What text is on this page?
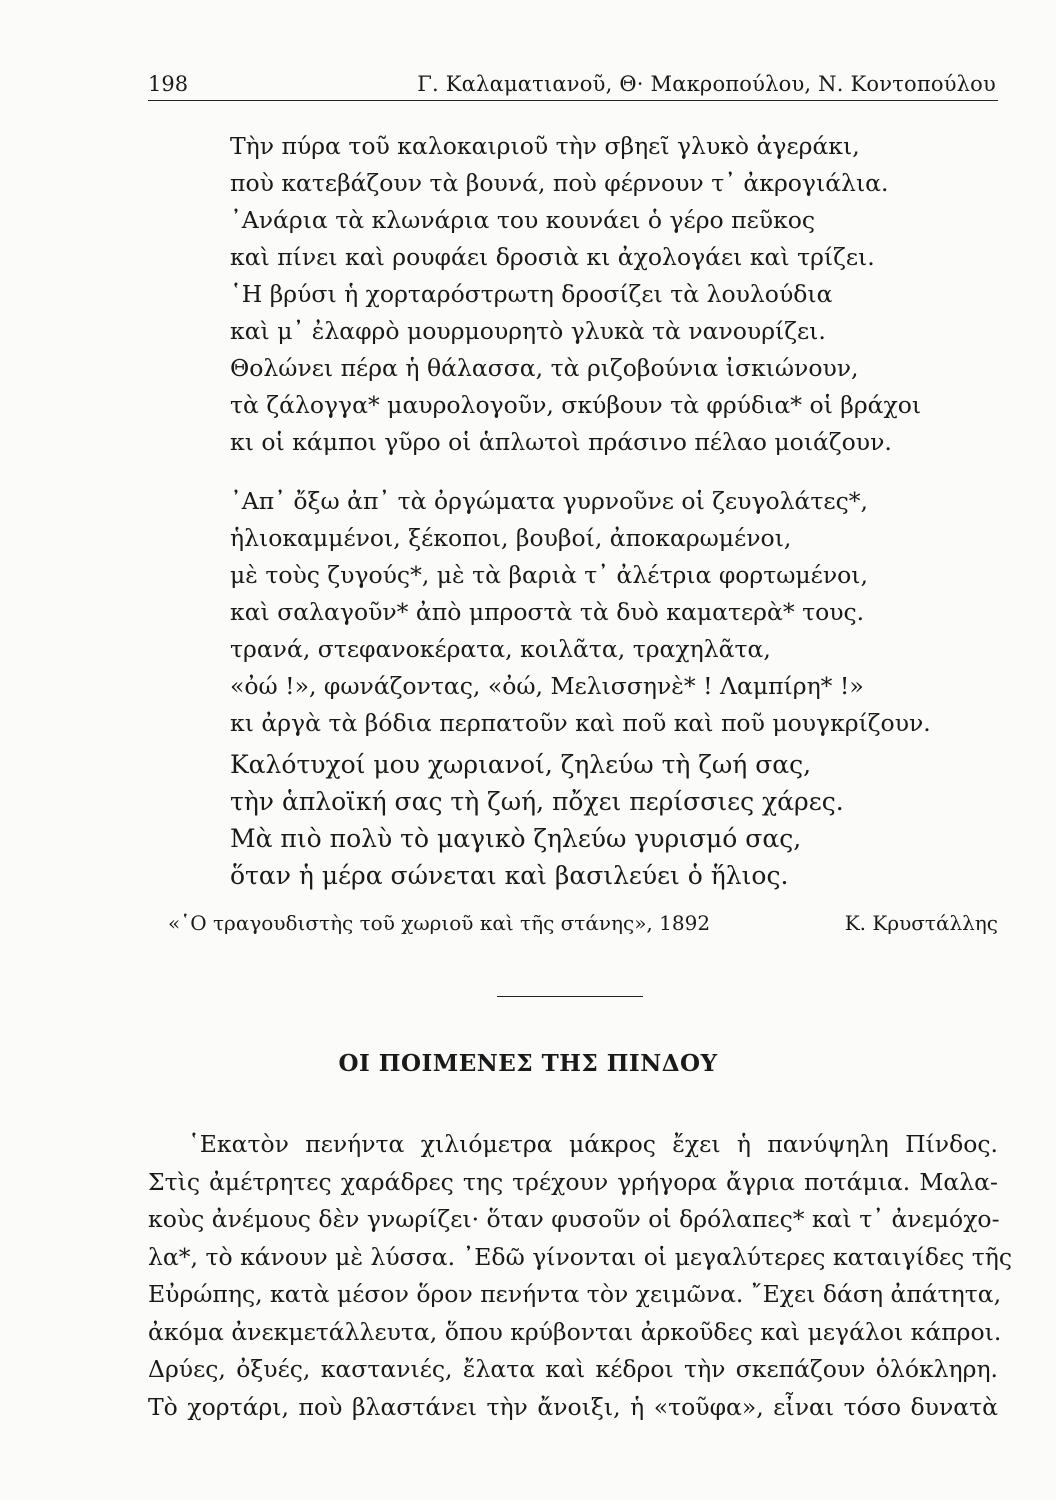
198	Γ. Καλαματιανοῦ, Θ· Μακροπούλου, Ν. Κοντοπούλου
Τὴν πύρα τοῦ καλοκαιριοῦ τὴν σβηεῖ γλυκὸ ἀγεράκι,
ποὺ κατεβάζουν τὰ βουνά, ποὺ φέρνουν τ᾽ ἀκρογιάλια.
᾽Ανάρια τὰ κλωνάρια του κουνάει ὁ γέρο πεῦκος
καὶ πίνει καὶ ρουφάει δροσιὰ κι ἀχολογάει καὶ τρίζει.
῾Η βρύσι ἡ χορταρόστρωτη δροσίζει τὰ λουλούδια
καὶ μ᾽ ἐλαφρὸ μουρμουρητὸ γλυκὰ τὰ νανουρίζει.
Θολώνει πέρα ἡ θάλασσα, τὰ ριζοβούνια ἰσκιώνουν,
τὰ ζάλογγα* μαυρολογοῦν, σκύβουν τὰ φρύδια* οἱ βράχοι
κι οἱ κάμποι γῦρο οἱ ἁπλωτοὶ πράσινο πέλαο μοιάζουν.
᾽Απ᾽ ὄξω ἀπ᾽ τὰ ὀργώματα γυρνοῦνε οἱ ζευγολάτες*,
ἡλιοκαμμένοι, ξέκοποι, βουβοί, ἀποκαρωμένοι,
μὲ τοὺς ζυγούς*, μὲ τὰ βαριὰ τ᾽ ἀλέτρια φορτωμένοι,
καὶ σαλαγοῦν* ἀπὸ μπροστὰ τὰ δυὸ καματερὰ* τους.
τρανά, στεφανοκέρατα, κοιλᾶτα, τραχηλᾶτα,
«ὀώ !», φωνάζοντας, «ὀώ, Μελισσηνὲ* ! Λαμπίρη* !»
κι ἀργὰ τὰ βόδια περπατοῦν καὶ ποῦ καὶ ποῦ μουγκρίζουν.
Καλότυχοί μου χωριανοί, ζηλεύω τὴ ζωή σας,
τὴν ἁπλοϊκή σας τὴ ζωή, πὄχει περίσσιες χάρες.
Μὰ πιὸ πολὺ τὸ μαγικὸ ζηλεύω γυρισμό σας,
ὅταν ἡ μέρα σώνεται καὶ βασιλεύει ὁ ἥλιος.
«῾Ο τραγουδιστὴς τοῦ χωριοῦ καὶ τῆς στάνης», 1892	Κ. Κρυστάλλης
ΟΙ ΠΟΙΜΕΝΕΣ ΤΗΣ ΠΙΝΔΟΥ
῾Εκατὸν πενήντα χιλιόμετρα μάκρος ἔχει ἡ πανύψηλη Πίνδος.
Στὶς ἀμέτρητες χαράδρες της τρέχουν γρήγορα ἄγρια ποτάμια. Μαλα-
κοὺς ἀνέμους δὲν γνωρίζει· ὅταν φυσοῦν οἱ δρόλαπες* καὶ τ᾽ ἀνεμόχο-
λα*, τὸ κάνουν μὲ λύσσα. ᾽Εδῶ γίνονται οἱ μεγαλύτερες καταιγίδες τῆς
Εὐρώπης, κατὰ μέσον ὅρον πενήντα τὸν χειμῶνα. ῎Εχει δάση ἀπάτητα,
ἀκόμα ἀνεκμετάλλευτα, ὅπου κρύβονται ἀρκοῦδες καὶ μεγάλοι κάπροι.
Δρύες, ὀξυές, καστανιές, ἔλατα καὶ κέδροι τὴν σκεπάζουν ὁλόκληρη.
Τὸ χορτάρι, ποὺ βλαστάνει τὴν ἄνοιξι, ἡ «τοῦφα», εἶναι τόσο δυνατὰ
